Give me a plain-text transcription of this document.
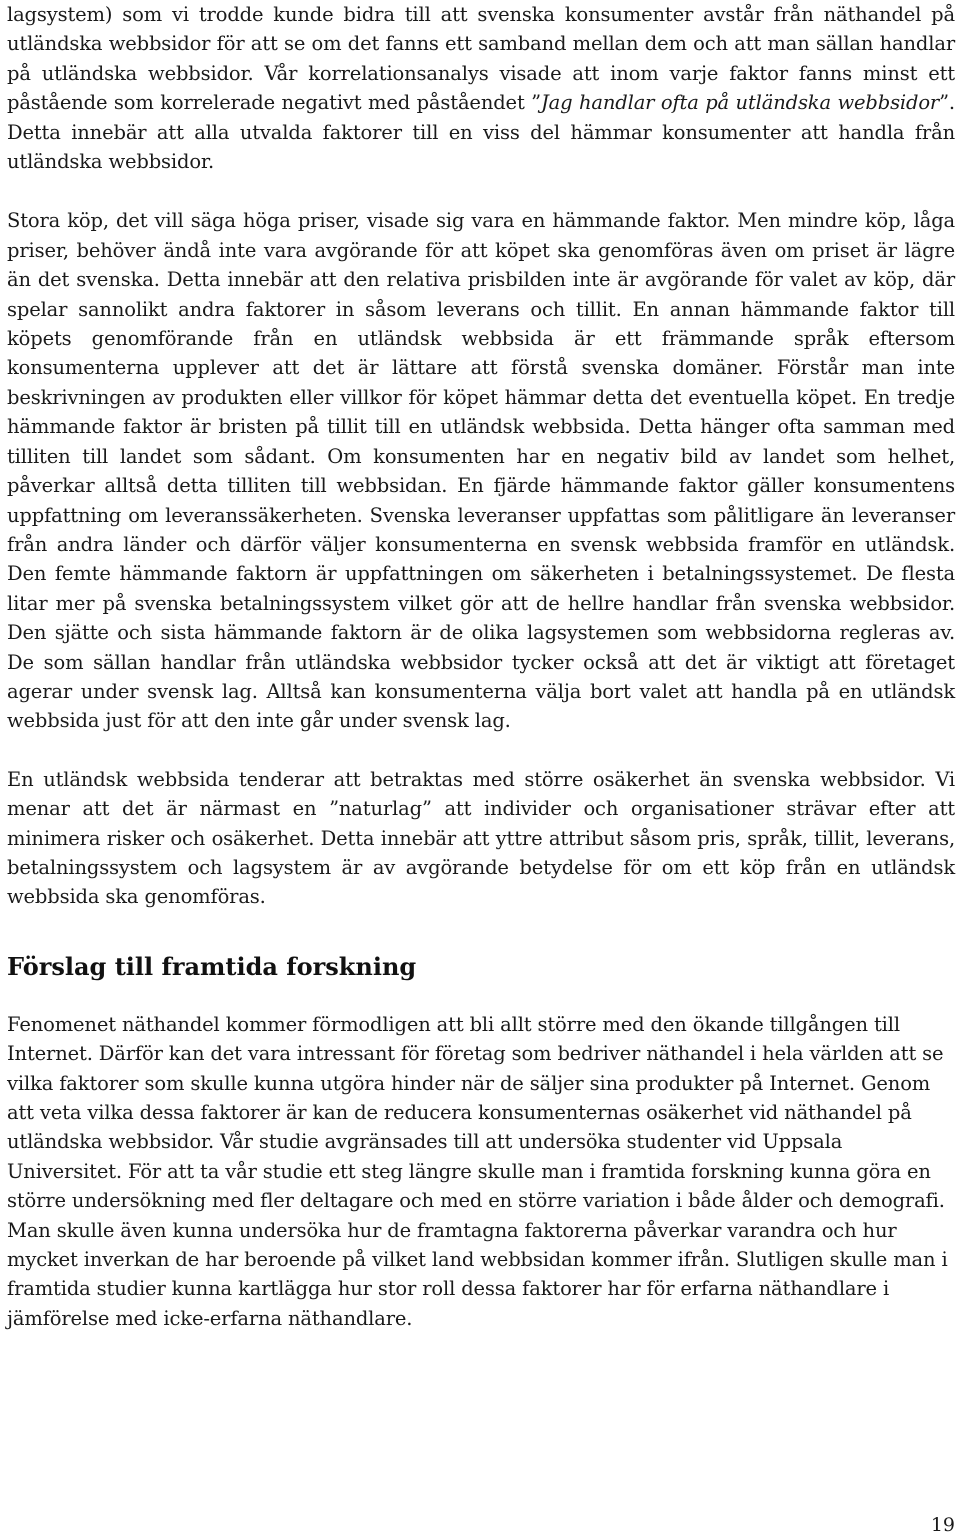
lagsystem) som vi trodde kunde bidra till att svenska konsumenter avstår från näthandel på utländska webbsidor för att se om det fanns ett samband mellan dem och att man sällan handlar på utländska webbsidor. Vår korrelationsanalys visade att inom varje faktor fanns minst ett påstående som korrelerade negativt med påståendet ”Jag handlar ofta på utländska webbsidor”. Detta innebär att alla utvalda faktorer till en viss del hämmar konsumenter att handla från utländska webbsidor.

Stora köp, det vill säga höga priser, visade sig vara en hämmande faktor. Men mindre köp, låga priser, behöver ändå inte vara avgörande för att köpet ska genomföras även om priset är lägre än det svenska. Detta innebär att den relativa prisbilden inte är avgörande för valet av köp, där spelar sannolikt andra faktorer in såsom leverans och tillit. En annan hämmande faktor till köpets genomförande från en utländsk webbsida är ett främmande språk eftersom konsumenterna upplever att det är lättare att förstå svenska domäner. Förstår man inte beskrivningen av produkten eller villkor för köpet hämmar detta det eventuella köpet. En tredje hämmande faktor är bristen på tillit till en utländsk webbsida. Detta hänger ofta samman med tilliten till landet som sådant. Om konsumenten har en negativ bild av landet som helhet, påverkar alltså detta tilliten till webbsidan. En fjärde hämmande faktor gäller konsumentens uppfattning om leveranssäkerheten. Svenska leveranser uppfattas som pålitligare än leveranser från andra länder och därför väljer konsumenterna en svensk webbsida framför en utländsk. Den femte hämmande faktorn är uppfattningen om säkerheten i betalningssystemet. De flesta litar mer på svenska betalningssystem vilket gör att de hellre handlar från svenska webbsidor. Den sjätte och sista hämmande faktorn är de olika lagsystemen som webbsidorna regleras av. De som sällan handlar från utländska webbsidor tycker också att det är viktigt att företaget agerar under svensk lag. Alltså kan konsumenterna välja bort valet att handla på en utländsk webbsida just för att den inte går under svensk lag.

En utländsk webbsida tenderar att betraktas med större osäkerhet än svenska webbsidor. Vi menar att det är närmast en ”naturlag” att individer och organisationer strävar efter att minimera risker och osäkerhet. Detta innebär att yttre attribut såsom pris, språk, tillit, leverans, betalningssystem och lagsystem är av avgörande betydelse för om ett köp från en utländsk webbsida ska genomföras.

Förslag till framtida forskning

Fenomenet näthandel kommer förmodligen att bli allt större med den ökande tillgången till Internet. Därför kan det vara intressant för företag som bedriver näthandel i hela världen att se vilka faktorer som skulle kunna utgöra hinder när de säljer sina produkter på Internet. Genom att veta vilka dessa faktorer är kan de reducera konsumenternas osäkerhet vid näthandel på utländska webbsidor. Vår studie avgränsades till att undersöka studenter vid Uppsala Universitet. För att ta vår studie ett steg längre skulle man i framtida forskning kunna göra en större undersökning med fler deltagare och med en större variation i både ålder och demografi. Man skulle även kunna undersöka hur de framtagna faktorerna påverkar varandra och hur mycket inverkan de har beroende på vilket land webbsidan kommer ifrån. Slutligen skulle man i framtida studier kunna kartlägga hur stor roll dessa faktorer har för erfarna näthandlare i jämförelse med icke-erfarna näthandlare.

19
